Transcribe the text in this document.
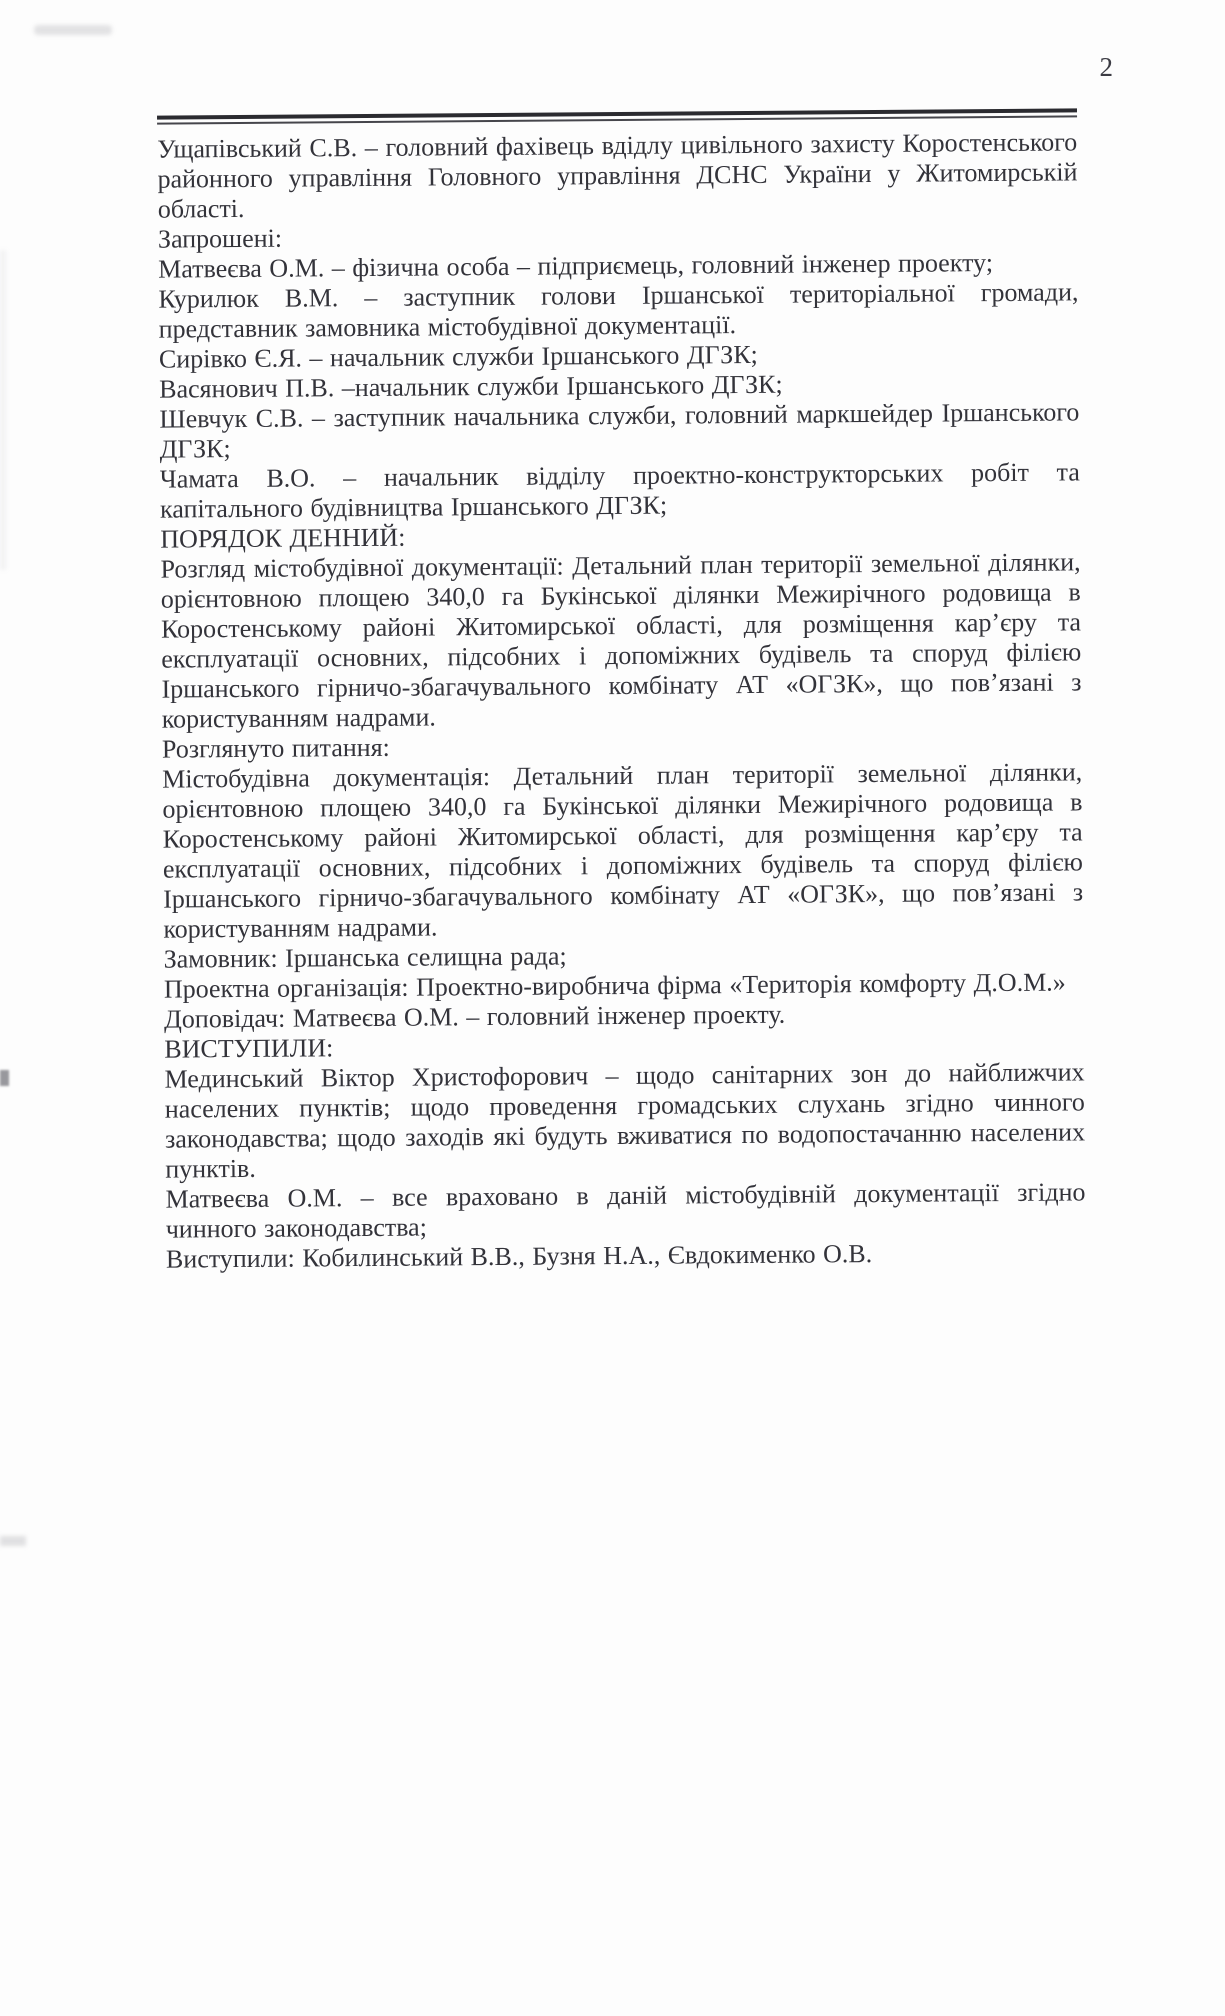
2

Ущапівський С.В. – головний фахівець вдідлу цивільного захисту Коростенського районного управління Головного управління ДСНС України у Житомирській області.

Запрошені:

Матвеєва О.М. – фізична особа – підприємець, головний інженер проекту;

Курилюк В.М. – заступник голови Іршанської територіальної громади, представник замовника містобудівної документації.

Сирівко Є.Я. – начальник служби Іршанського ДГЗК;

Васянович П.В. –начальник служби Іршанського ДГЗК;

Шевчук С.В. – заступник начальника служби, головний маркшейдер Іршанського ДГЗК;

Чамата В.О. – начальник відділу проектно-конструкторських робіт та капітального будівництва Іршанського ДГЗК;

ПОРЯДОК ДЕННИЙ:

Розгляд містобудівної документації: Детальний план території земельної ділянки, орієнтовною площею 340,0 га Букінської ділянки Межирічного родовища в Коростенському районі Житомирської області, для розміщення кар’єру та експлуатації основних, підсобних і допоміжних будівель та споруд філією Іршанського гірничо-збагачувального комбінату АТ «ОГЗК», що пов’язані з користуванням надрами.

Розглянуто питання:

Містобудівна документація: Детальний план території земельної ділянки, орієнтовною площею 340,0 га Букінської ділянки Межирічного родовища в Коростенському районі Житомирської області, для розміщення кар’єру та експлуатації основних, підсобних і допоміжних будівель та споруд філією Іршанського гірничо-збагачувального комбінату АТ «ОГЗК», що пов’язані з користуванням надрами.

Замовник: Іршанська селищна рада;

Проектна організація: Проектно-виробнича фірма «Територія комфорту Д.О.М.»

Доповідач: Матвеєва О.М. – головний інженер проекту.

ВИСТУПИЛИ:

Мединський Віктор Христофорович – щодо санітарних зон до найближчих населених пунктів; щодо проведення громадських слухань згідно чинного законодавства; щодо заходів які будуть вживатися по водопостачанню населених пунктів.

Матвеєва О.М. – все враховано в даній містобудівній документації згідно чинного законодавства;

Виступили: Кобилинський В.В., Бузня Н.А., Євдокименко О.В.
